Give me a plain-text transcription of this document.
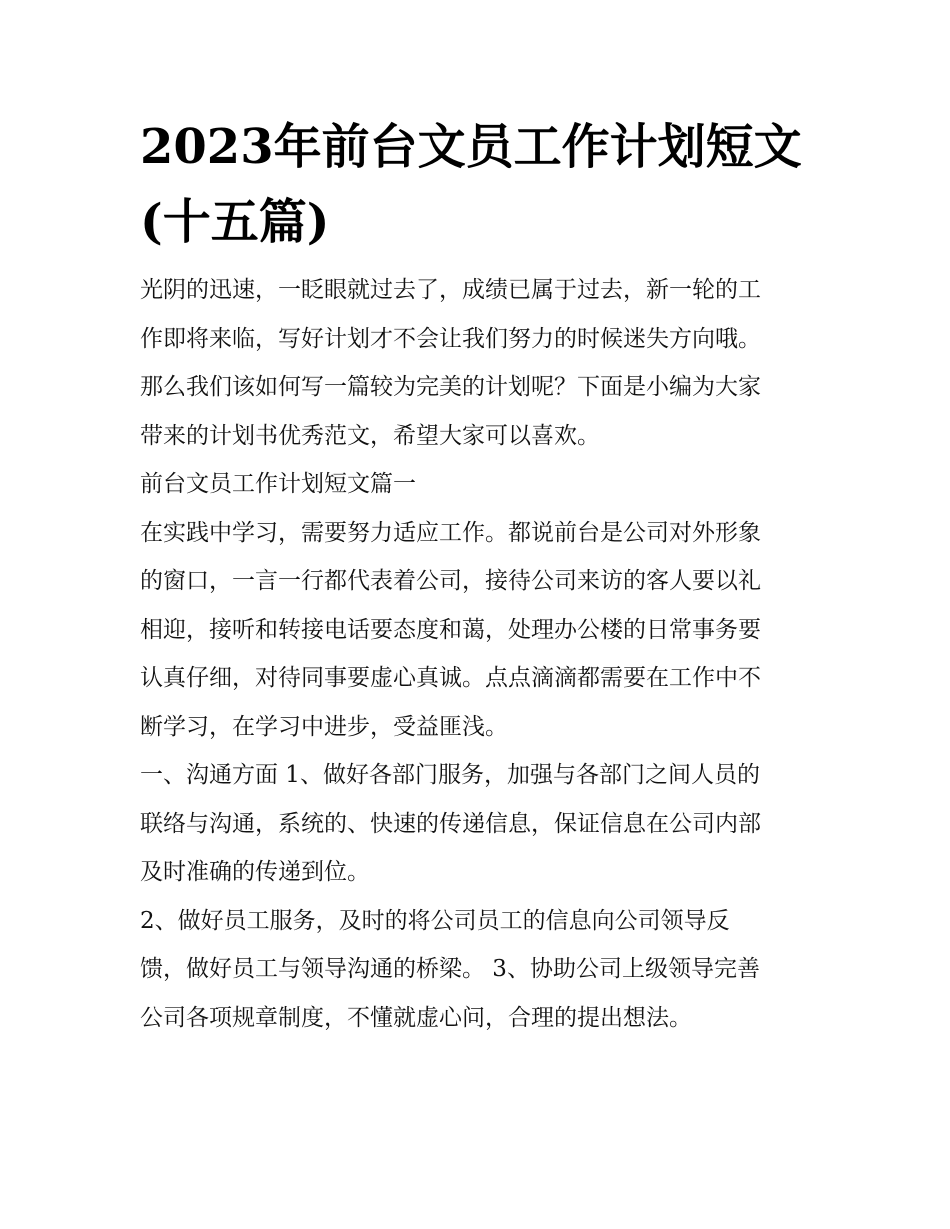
2023年前台文员工作计划短文
(十五篇)

光阴的迅速，一眨眼就过去了，成绩已属于过去，新一轮的工
作即将来临，写好计划才不会让我们努力的时候迷失方向哦。
那么我们该如何写一篇较为完美的计划呢？下面是小编为大家
带来的计划书优秀范文，希望大家可以喜欢。

前台文员工作计划短文篇一

在实践中学习，需要努力适应工作。都说前台是公司对外形象
的窗口，一言一行都代表着公司，接待公司来访的客人要以礼
相迎，接听和转接电话要态度和蔼，处理办公楼的日常事务要
认真仔细，对待同事要虚心真诚。点点滴滴都需要在工作中不
断学习，在学习中进步，受益匪浅。

一、沟通方面 1、做好各部门服务，加强与各部门之间人员的
联络与沟通，系统的、快速的传递信息，保证信息在公司内部
及时准确的传递到位。

2、做好员工服务，及时的将公司员工的信息向公司领导反
馈，做好员工与领导沟通的桥梁。 3、协助公司上级领导完善
公司各项规章制度，不懂就虚心问，合理的提出想法。
